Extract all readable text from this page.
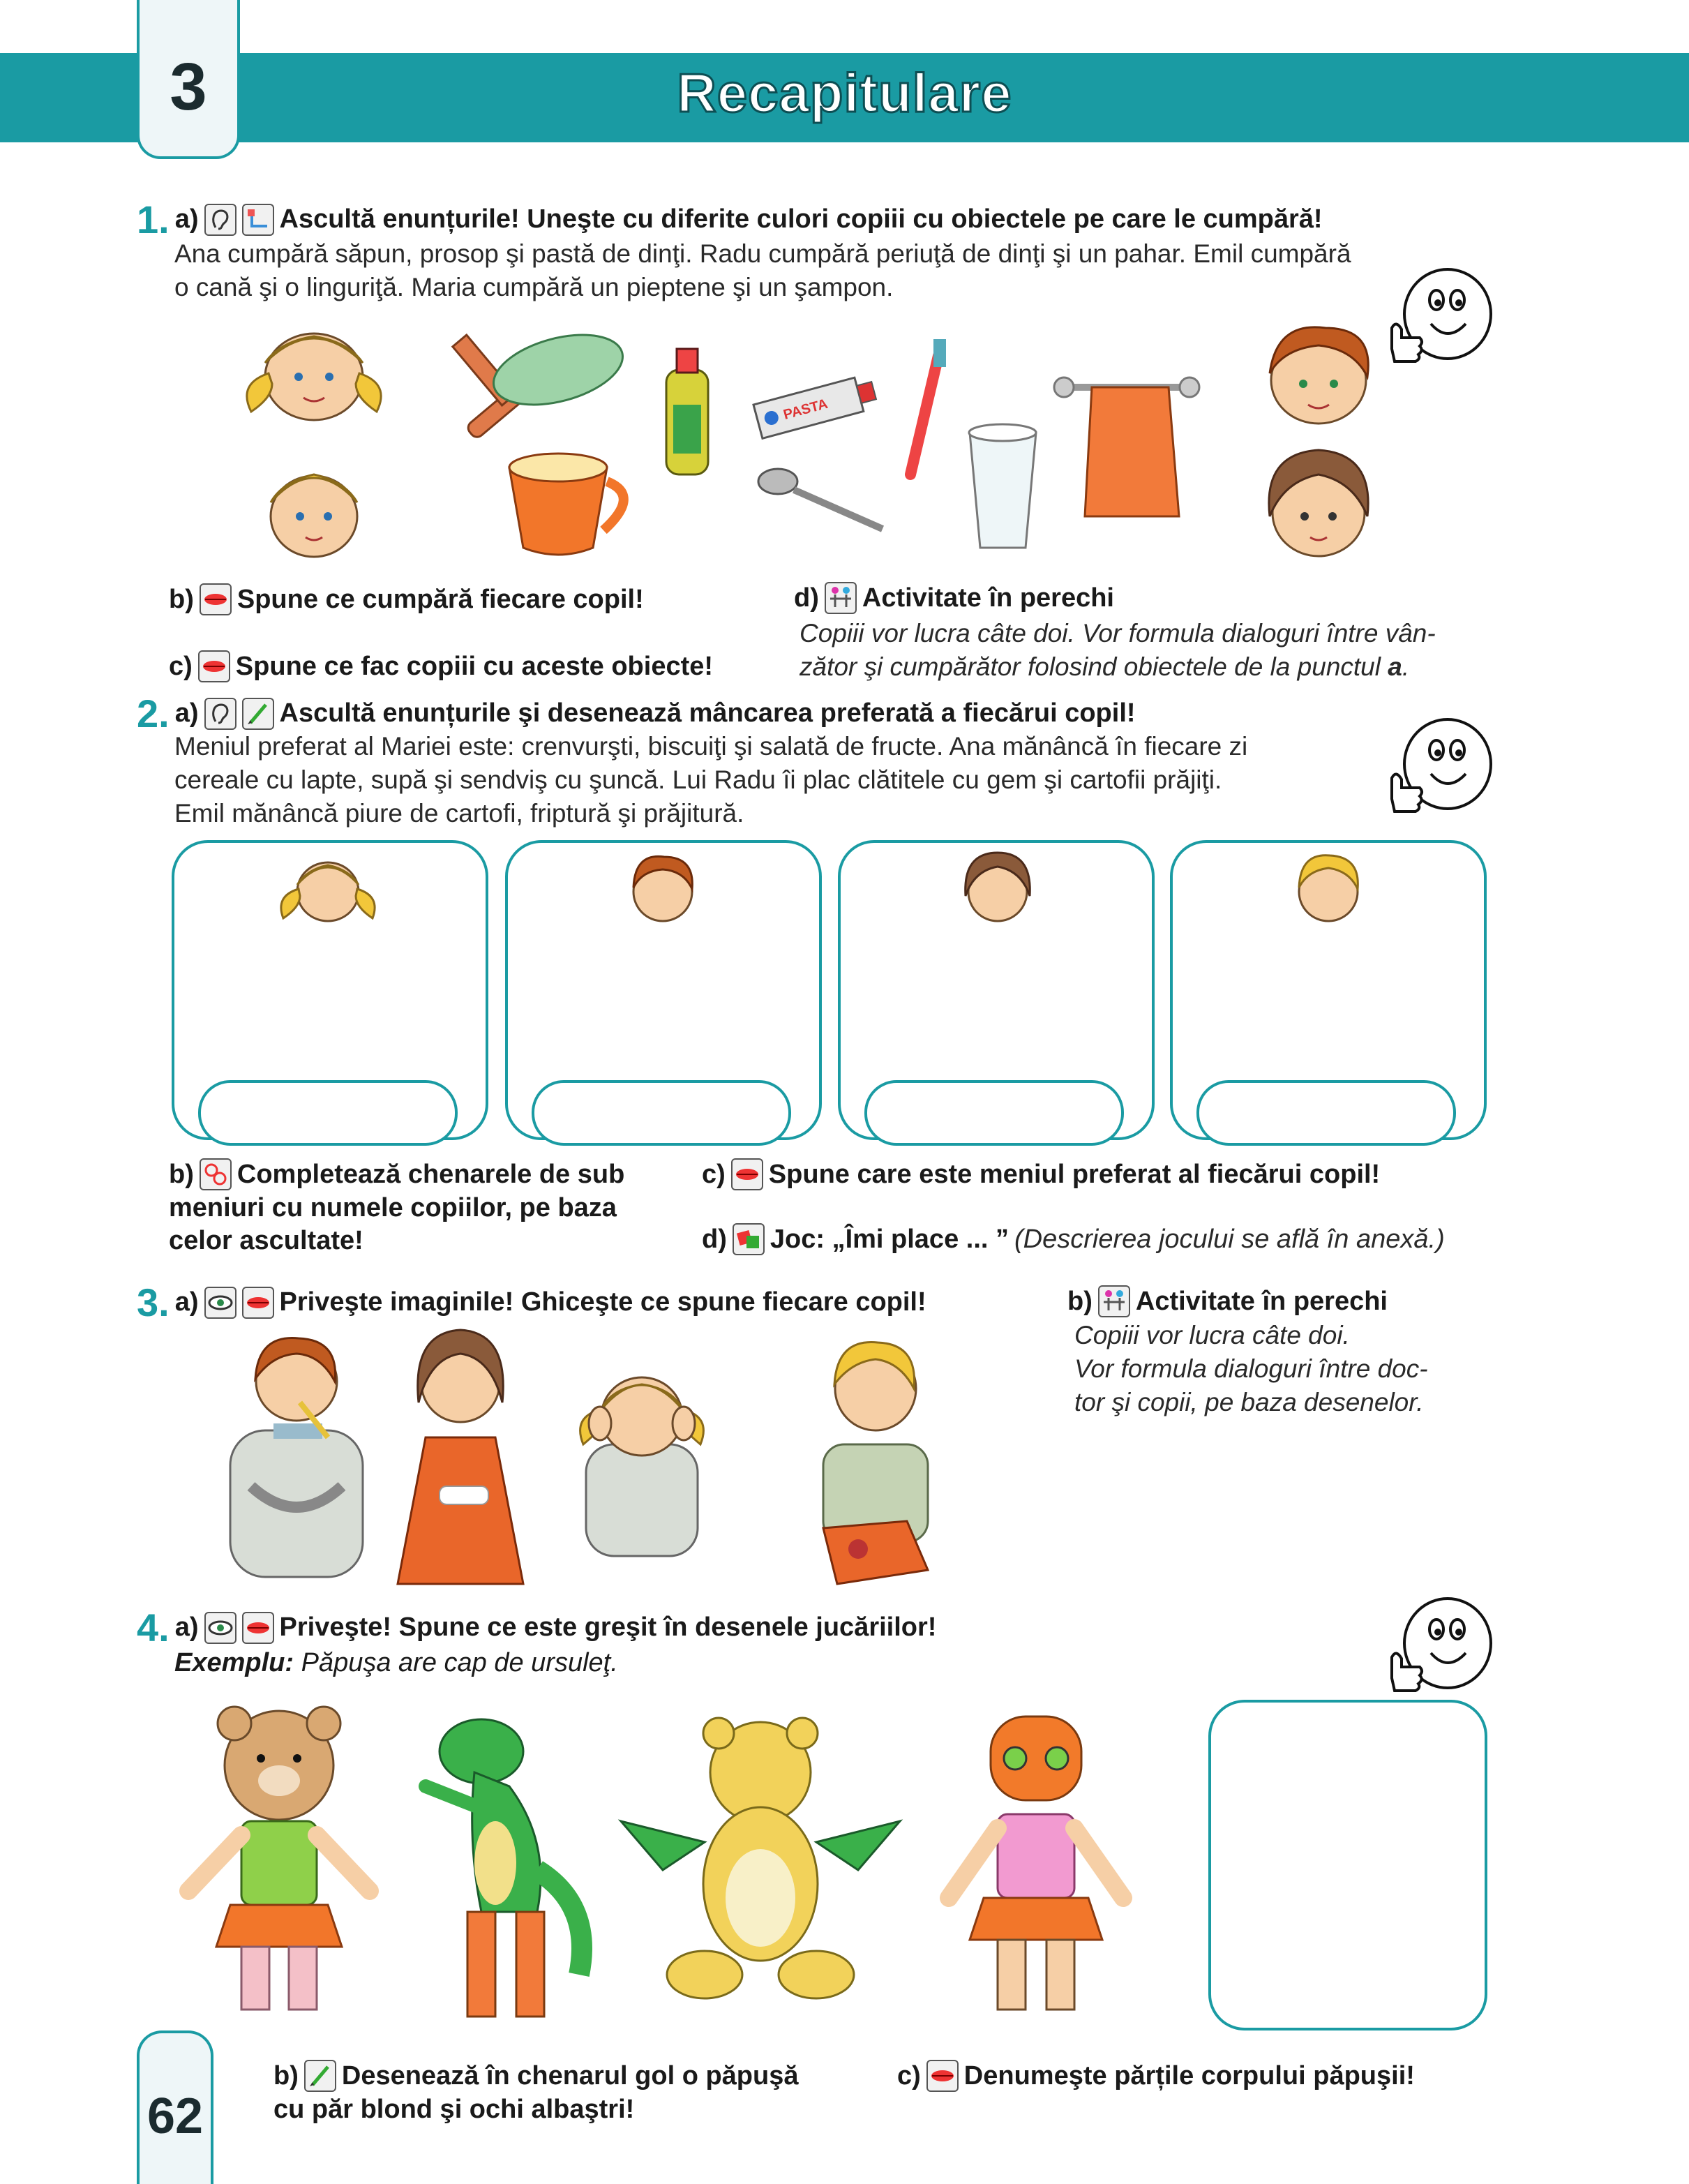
3	Recapitulare
1. a)	Ascultă enunțurile! Uneşte cu diferite culori copiii cu obiectele pe care le cumpără!
Ana cumpără săpun, prosop şi pastă de dinţi. Radu cumpără periuţă de dinţi şi un pahar. Emil cumpără
o cană şi o linguriţă. Maria cumpără un pieptene şi un şampon.
PASTA
b) Spune ce cumpără fiecare copil!
c) Spune ce fac copiii cu aceste obiecte!
d) Activitate în perechi
Copiii vor lucra câte doi. Vor formula dialoguri între vân-
zător şi cumpărător folosind obiectele de la punctul a.
2. a)	Ascultă enunțurile şi desenează mâncarea preferată a fiecărui copil!
Meniul preferat al Mariei este: crenvurşti, biscuiţi şi salată de fructe. Ana mănâncă în fiecare zi
cereale cu lapte, supă şi sendviş cu şuncă. Lui Radu îi plac clătitele cu gem şi cartofii prăjiţi.
Emil mănâncă piure de cartofi, friptură şi prăjitură.
b) Completează chenarele de sub
meniuri cu numele copiilor, pe baza
celor ascultate!
c) Spune care este meniul preferat al fiecărui copil!
d) Joc: „Îmi place ... ” (Descrierea jocului se află în anexă.)
3. a)	Priveşte imaginile! Ghiceşte ce spune fiecare copil!	b) Activitate în perechi
Copiii vor lucra câte doi.
Vor formula dialoguri între doc-
tor şi copii, pe baza desenelor.
4. a)	Priveşte! Spune ce este greşit în desenele jucăriilor!
Exemplu: Păpuşa are cap de ursuleţ.
62
b) Desenează în chenarul gol o păpuşă
cu păr blond şi ochi albaştri!
c) Denumeşte părțile corpului păpuşii!
